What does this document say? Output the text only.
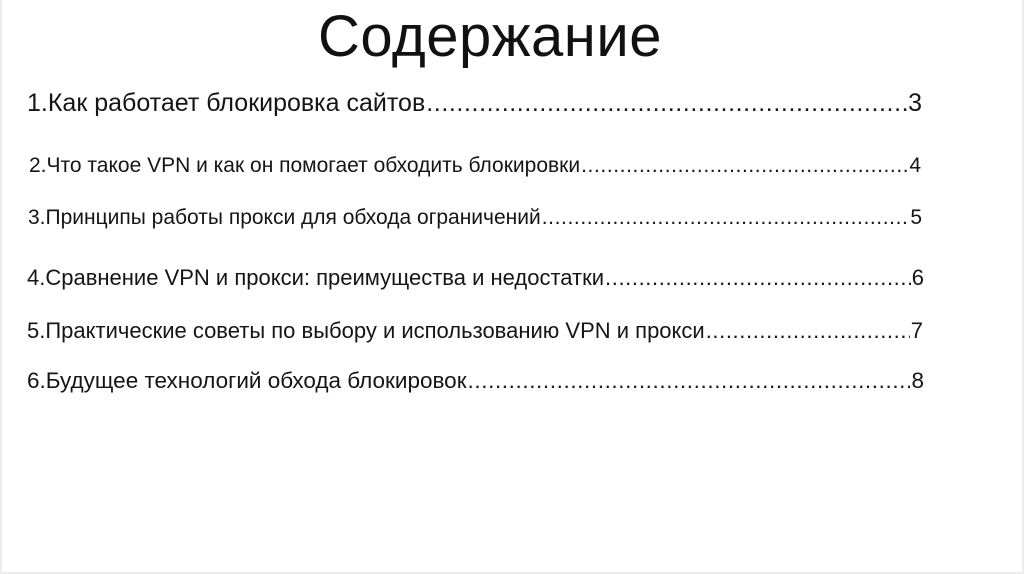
Содержание
1.Как работает блокировка сайтов .....	3
2.Что такое VPN и как он помогает обходить блокировки .....	4
3.Принципы работы прокси для обхода ограничений .....	5
4.Сравнение VPN и прокси: преимущества и недостатки .....	6
5.Практические советы по выбору и использованию VPN и прокси .....	7
6.Будущее технологий обхода блокировок .....	8
